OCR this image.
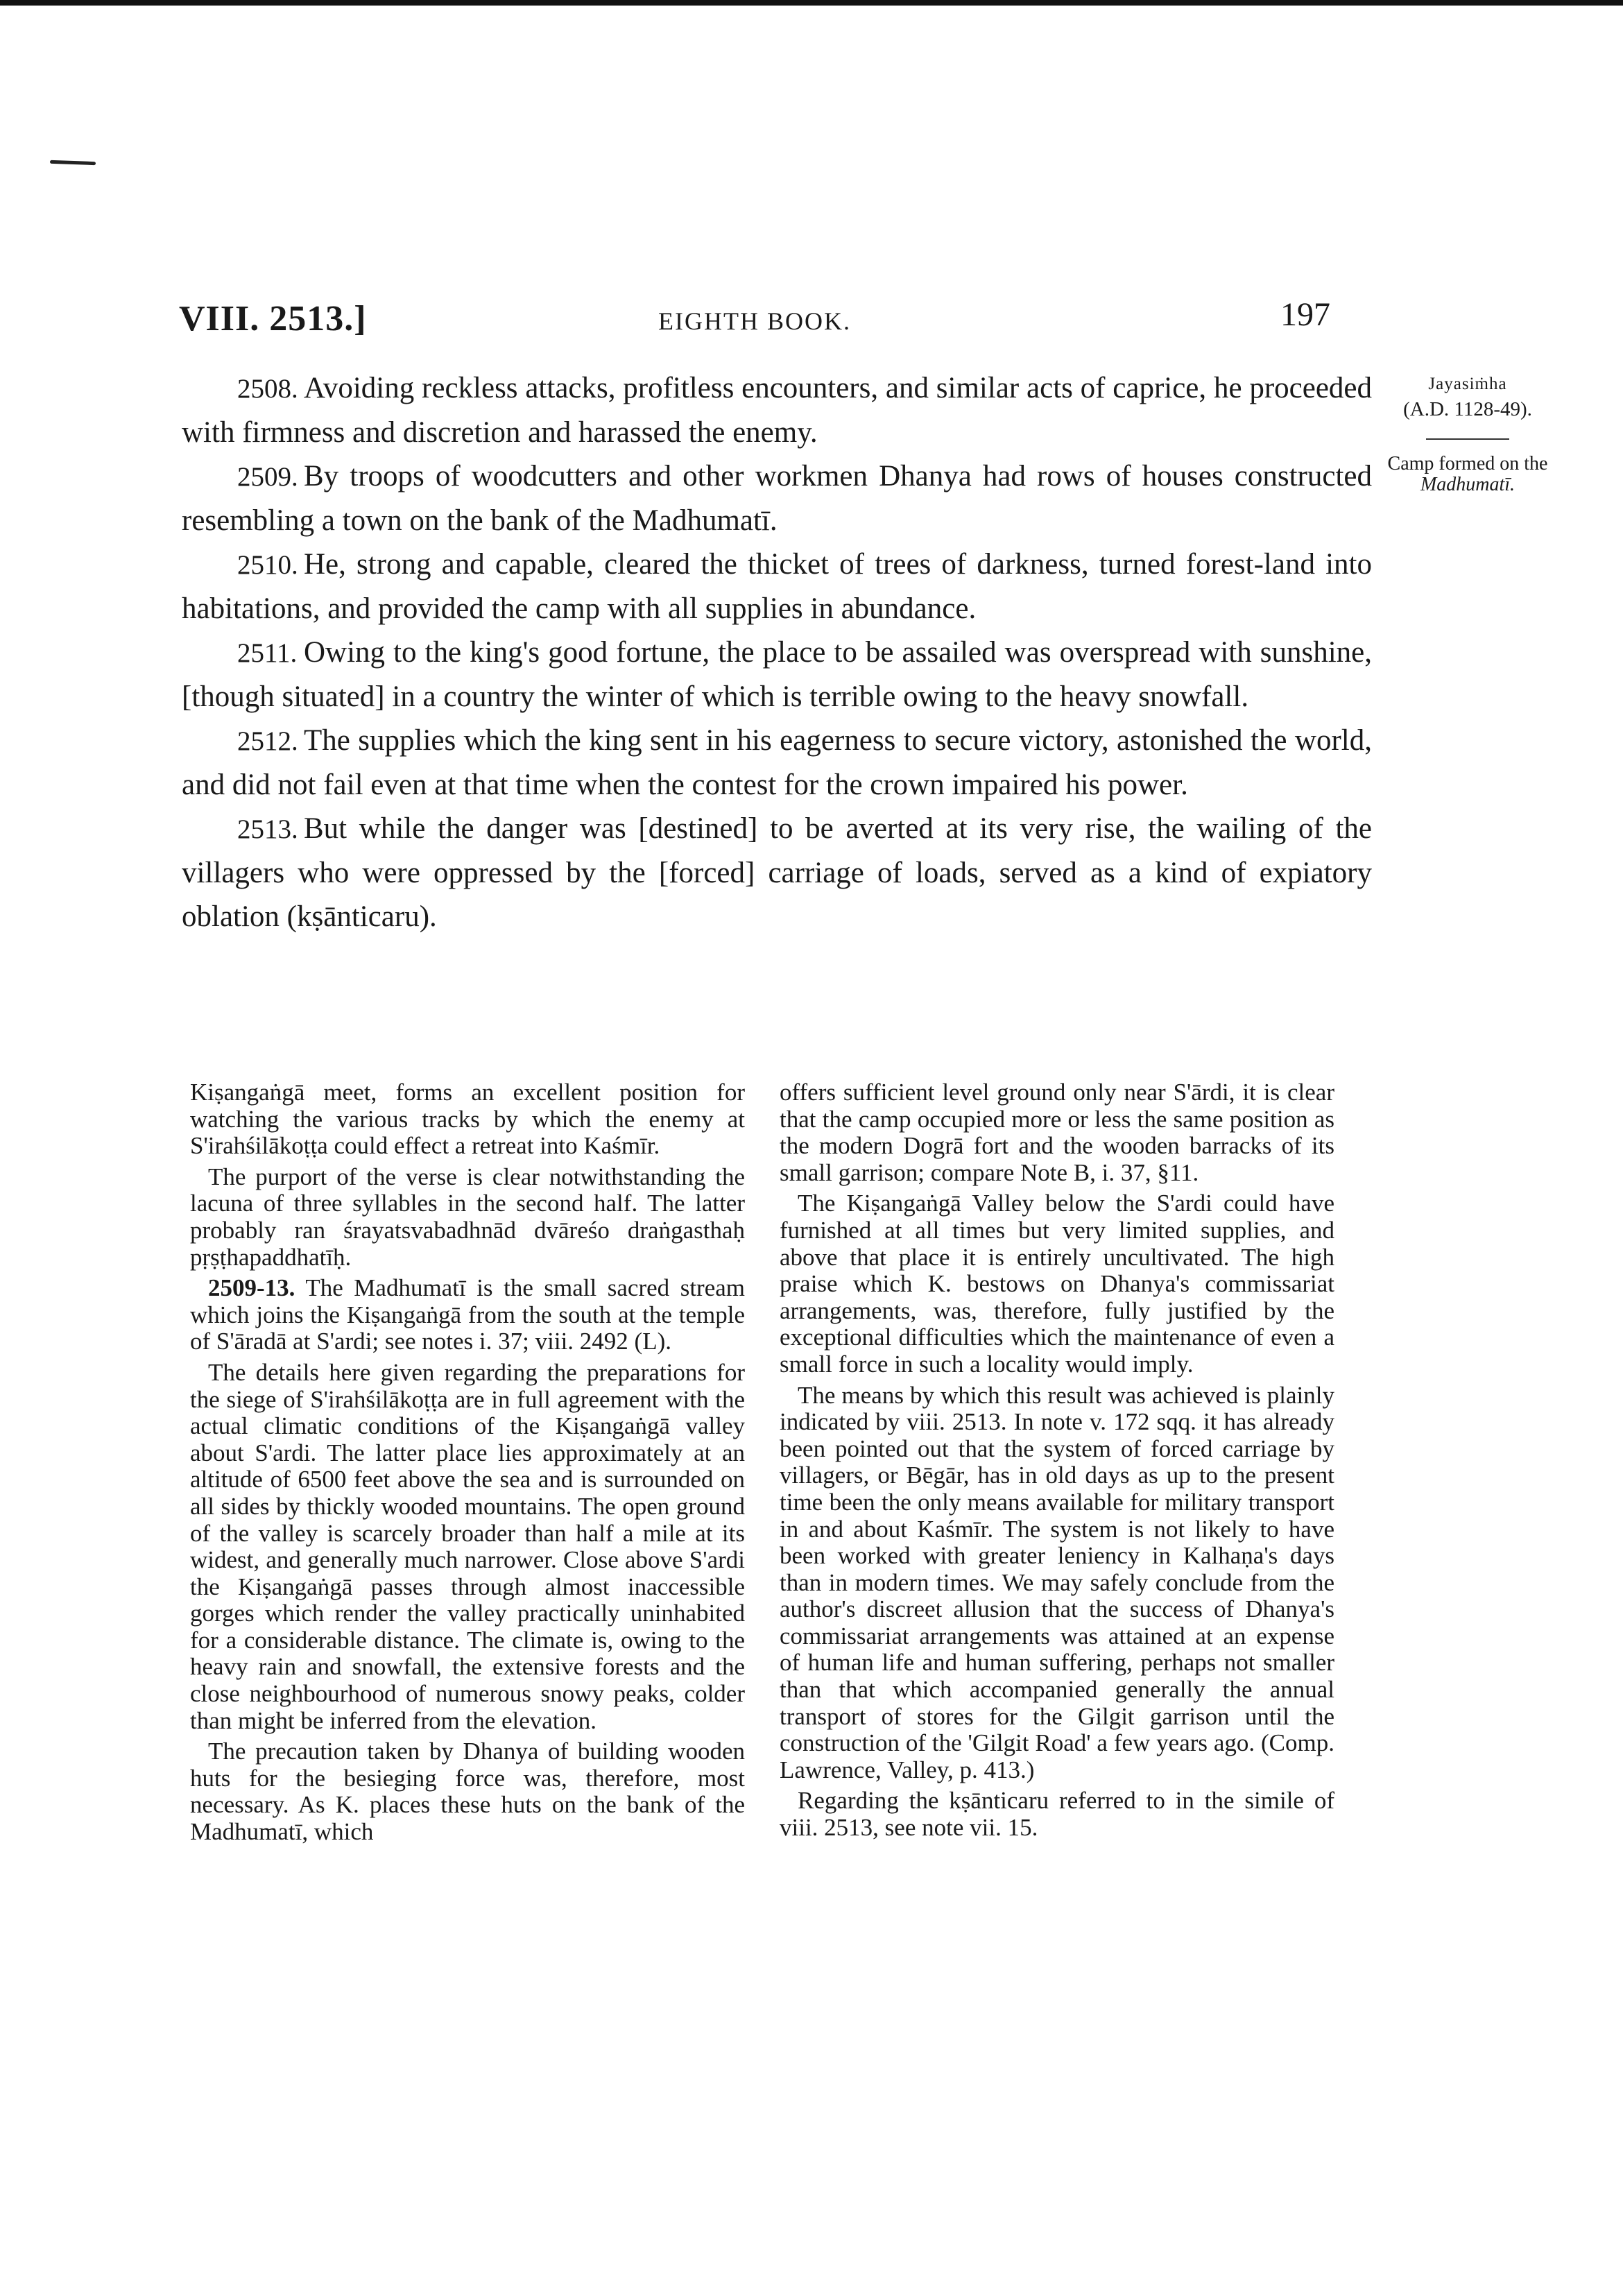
VIII. 2513.]	EIGHTH BOOK.	197
Jayasiṁha
(A.D. 1128-49).
Camp formed on the
Madhumatī.

2508. Avoiding reckless attacks, profitless encounters, and similar acts of caprice, he proceeded with firmness and discretion and harassed the enemy.

2509. By troops of woodcutters and other workmen Dhanya had rows of houses constructed resembling a town on the bank of the Madhumatī.

2510. He, strong and capable, cleared the thicket of trees of darkness, turned forest-land into habitations, and provided the camp with all supplies in abundance.

2511. Owing to the king's good fortune, the place to be assailed was overspread with sunshine, [though situated] in a country the winter of which is terrible owing to the heavy snowfall.

2512. The supplies which the king sent in his eagerness to secure victory, astonished the world, and did not fail even at that time when the contest for the crown impaired his power.

2513. But while the danger was [destined] to be averted at its very rise, the wailing of the villagers who were oppressed by the [forced] carriage of loads, served as a kind of expiatory oblation (kṣānticaru).

Kiṣangaṅgā meet, forms an excellent position for watching the various tracks by which the enemy at S'irahśilākoṭṭa could effect a retreat into Kaśmīr.

The purport of the verse is clear notwithstanding the lacuna of three syllables in the second half. The latter probably ran śrayatsvabadhnād dvāreśo draṅgasthaḥ pṛṣṭhapaddhatīḥ.

2509-13. The Madhumatī is the small sacred stream which joins the Kiṣangaṅgā from the south at the temple of S'āradā at S'ardi; see notes i. 37; viii. 2492 (L).

The details here given regarding the preparations for the siege of S'irahśilākoṭṭa are in full agreement with the actual climatic conditions of the Kiṣangaṅgā valley about S'ardi. The latter place lies approximately at an altitude of 6500 feet above the sea and is surrounded on all sides by thickly wooded mountains. The open ground of the valley is scarcely broader than half a mile at its widest, and generally much narrower. Close above S'ardi the Kiṣangaṅgā passes through almost inaccessible gorges which render the valley practically uninhabited for a considerable distance. The climate is, owing to the heavy rain and snowfall, the extensive forests and the close neighbourhood of numerous snowy peaks, colder than might be inferred from the elevation.

The precaution taken by Dhanya of building wooden huts for the besieging force was, therefore, most necessary. As K. places these huts on the bank of the Madhumatī, which

offers sufficient level ground only near S'ārdi, it is clear that the camp occupied more or less the same position as the modern Dogrā fort and the wooden barracks of its small garrison; compare Note B, i. 37, §11.

The Kiṣangaṅgā Valley below the S'ardi could have furnished at all times but very limited supplies, and above that place it is entirely uncultivated. The high praise which K. bestows on Dhanya's commissariat arrangements, was, therefore, fully justified by the exceptional difficulties which the maintenance of even a small force in such a locality would imply.

The means by which this result was achieved is plainly indicated by viii. 2513. In note v. 172 sqq. it has already been pointed out that the system of forced carriage by villagers, or Bēgār, has in old days as up to the present time been the only means available for military transport in and about Kaśmīr. The system is not likely to have been worked with greater leniency in Kalhaṇa's days than in modern times. We may safely conclude from the author's discreet allusion that the success of Dhanya's commissariat arrangements was attained at an expense of human life and human suffering, perhaps not smaller than that which accompanied generally the annual transport of stores for the Gilgit garrison until the construction of the 'Gilgit Road' a few years ago. (Comp. Lawrence, Valley, p. 413.)

Regarding the kṣānticaru referred to in the simile of viii. 2513, see note vii. 15.
